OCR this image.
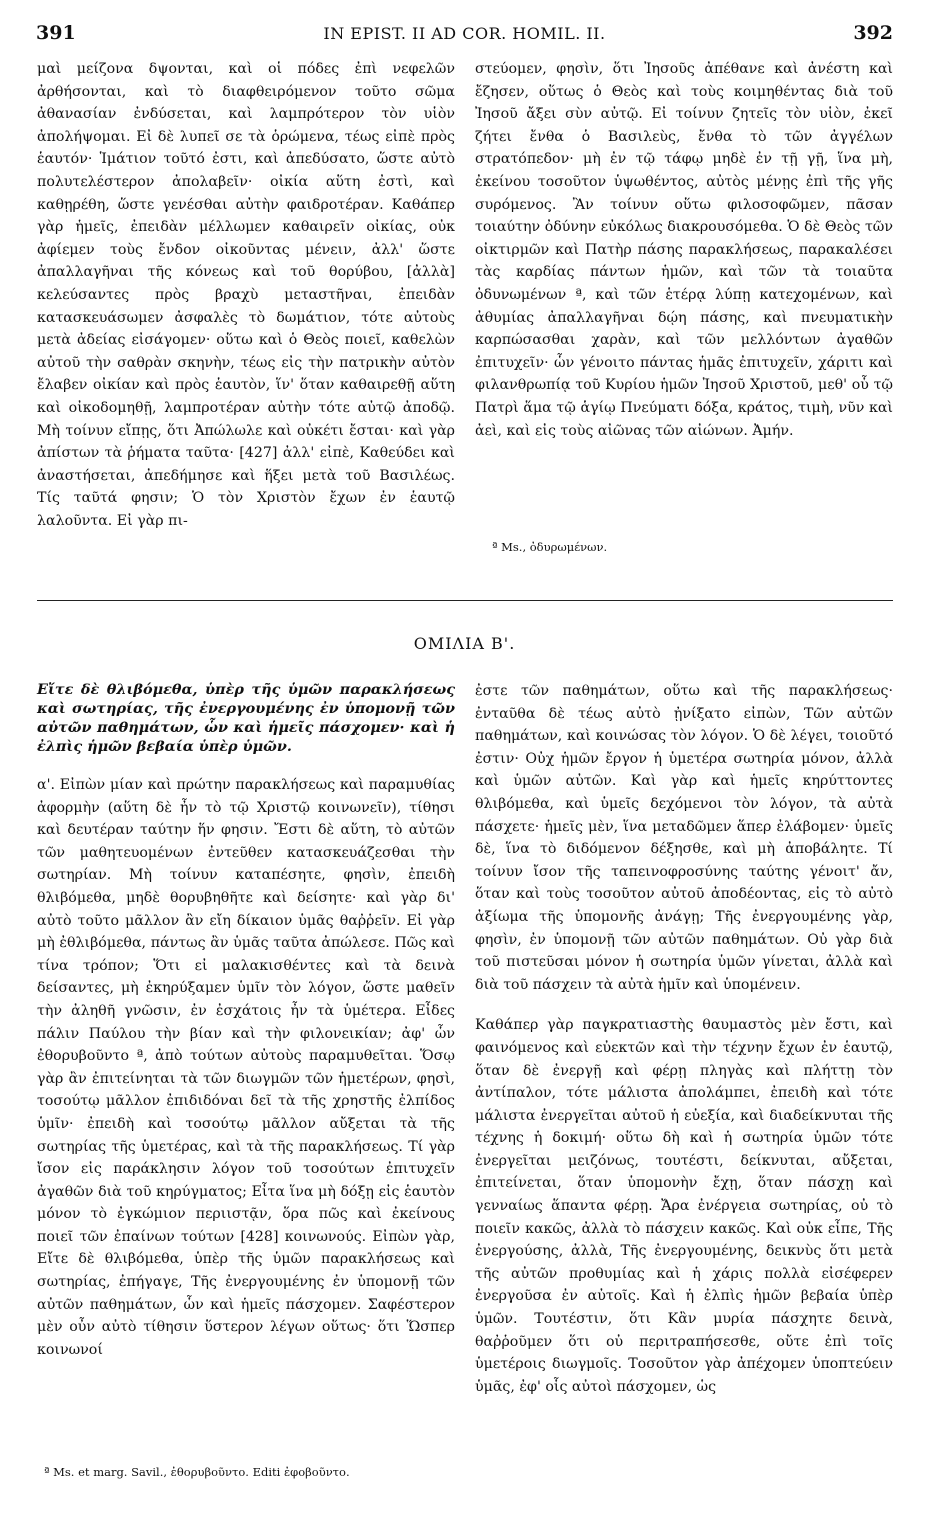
391	IN EPIST. II AD COR. HOMIL. II.	392

μαὶ μείζονα δψονται, καὶ οἱ πόδες ἐπὶ νεφελῶν ἀρθήσονται, καὶ τὸ διαφθειρόμενον τοῦτο σῶμα ἀθανασίαν ἐνδύσεται, καὶ λαμπρότερον τὸν υἱὸν ἀπολήψομαι. Εἰ δὲ λυπεῖ σε τὰ ὁρώμενα, τέως εἰπὲ πρὸς ἑαυτόν· Ἱμάτιον τοῦτό ἐστι, καὶ ἀπεδύσατο, ὥστε αὐτὸ πολυτελέστερον ἀπολαβεῖν· οἰκία αὕτη ἐστὶ, καὶ καθῃρέθη, ὥστε γενέσθαι αὐτὴν φαιδροτέραν. Καθάπερ γὰρ ἡμεῖς, ἐπειδὰν μέλλωμεν καθαιρεῖν οἰκίας, οὐκ ἀφίεμεν τοὺς ἔνδον οἰκοῦντας μένειν, ἀλλ' ὥστε ἀπαλλαγῆναι τῆς κόνεως καὶ τοῦ θορύβου, [ἀλλὰ] κελεύσαντες πρὸς βραχὺ μεταστῆναι, ἐπειδὰν κατασκευάσωμεν ἀσφαλὲς τὸ δωμάτιον, τότε αὐτοὺς μετὰ ἀδείας εἰσάγομεν· οὕτω καὶ ὁ Θεὸς ποιεῖ, καθελὼν αὐτοῦ τὴν σαθρὰν σκηνὴν, τέως εἰς τὴν πατρικὴν αὐτὸν ἔλαβεν οἰκίαν καὶ πρὸς ἑαυτὸν, ἵν' ὅταν καθαιρεθῇ αὕτη καὶ οἰκοδομηθῇ, λαμπροτέραν αὐτὴν τότε αὐτῷ ἀποδῷ. Μὴ τοίνυν εἴπῃς, ὅτι Ἀπώλωλε καὶ οὐκέτι ἔσται· καὶ γὰρ ἀπίστων τὰ ῥήματα ταῦτα· [427] ἀλλ' εἰπὲ, Καθεύδει καὶ ἀναστήσεται, ἀπεδήμησε καὶ ἥξει μετὰ τοῦ Βασιλέως. Τίς ταῦτά φησιν; Ὁ τὸν Χριστὸν ἔχων ἐν ἑαυτῷ λαλοῦντα. Εἰ γὰρ πι-

στεύομεν, φησὶν, ὅτι Ἰησοῦς ἀπέθανε καὶ ἀνέστη καὶ ἔζησεν, οὕτως ὁ Θεὸς καὶ τοὺς κοιμηθέντας διὰ τοῦ Ἰησοῦ ἄξει σὺν αὐτῷ. Εἰ τοίνυν ζητεῖς τὸν υἱὸν, ἐκεῖ ζήτει ἔνθα ὁ Βασιλεὺς, ἔνθα τὸ τῶν ἀγγέλων στρατόπεδον· μὴ ἐν τῷ τάφῳ μηδὲ ἐν τῇ γῇ, ἵνα μὴ, ἐκείνου τοσοῦτον ὑψωθέντος, αὐτὸς μένῃς ἐπὶ τῆς γῆς συρόμενος. Ἂν τοίνυν οὕτω φιλοσοφῶμεν, πᾶσαν τοιαύτην ὀδύνην εὐκόλως διακρουσόμεθα. Ὁ δὲ Θεὸς τῶν οἰκτιρμῶν καὶ Πατὴρ πάσης παρακλήσεως, παρακαλέσει τὰς καρδίας πάντων ἡμῶν, καὶ τῶν τὰ τοιαῦτα ὀδυνωμένων ª, καὶ τῶν ἑτέρᾳ λύπῃ κατεχομένων, καὶ ἀθυμίας ἀπαλλαγῆναι δῴη πάσης, καὶ πνευματικὴν καρπώσασθαι χαρὰν, καὶ τῶν μελλόντων ἀγαθῶν ἐπιτυχεῖν· ὧν γένοιτο πάντας ἡμᾶς ἐπιτυχεῖν, χάριτι καὶ φιλανθρωπίᾳ τοῦ Κυρίου ἡμῶν Ἰησοῦ Χριστοῦ, μεθ' οὗ τῷ Πατρὶ ἅμα τῷ ἁγίῳ Πνεύματι δόξα, κράτος, τιμὴ, νῦν καὶ ἀεὶ, καὶ εἰς τοὺς αἰῶνας τῶν αἰώνων. Ἀμήν.

ª Ms., ὀδυρωμένων.
ΟΜΙΛΙΑ Β'.

Εἴτε δὲ θλιβόμεθα, ὑπὲρ τῆς ὑμῶν παρακλήσεως καὶ σωτηρίας, τῆς ἐνεργουμένης ἐν ὑπομονῇ τῶν αὐτῶν παθημάτων, ὧν καὶ ἡμεῖς πάσχομεν· καὶ ἡ ἐλπὶς ἡμῶν βεβαία ὑπὲρ ὑμῶν.

α'. Εἰπὼν μίαν καὶ πρώτην παρακλήσεως καὶ παραμυθίας ἀφορμὴν (αὕτη δὲ ἦν τὸ τῷ Χριστῷ κοινωνεῖν), τίθησι καὶ δευτέραν ταύτην ἥν φησιν. Ἔστι δὲ αὕτη, τὸ αὐτῶν τῶν μαθητευομένων ἐντεῦθεν κατασκευάζεσθαι τὴν σωτηρίαν. Μὴ τοίνυν καταπέσητε, φησὶν, ἐπειδὴ θλιβόμεθα, μηδὲ θορυβηθῆτε καὶ δείσητε· καὶ γὰρ δι' αὐτὸ τοῦτο μᾶλλον ἂν εἴη δίκαιον ὑμᾶς θαῤῥεῖν. Εἰ γὰρ μὴ ἐθλιβόμεθα, πάντως ἂν ὑμᾶς ταῦτα ἀπώλεσε. Πῶς καὶ τίνα τρόπον; Ὅτι εἰ μαλακισθέντες καὶ τὰ δεινὰ δείσαντες, μὴ ἐκηρύξαμεν ὑμῖν τὸν λόγον, ὥστε μαθεῖν τὴν ἀληθῆ γνῶσιν, ἐν ἐσχάτοις ἦν τὰ ὑμέτερα. Εἶδες πάλιν Παύλου τὴν βίαν καὶ τὴν φιλονεικίαν; ἀφ' ὧν ἐθορυβοῦντο ª, ἀπὸ τούτων αὐτοὺς παραμυθεῖται. Ὅσῳ γὰρ ἂν ἐπιτείνηται τὰ τῶν διωγμῶν τῶν ἡμετέρων, φησὶ, τοσούτῳ μᾶλλον ἐπιδιδόναι δεῖ τὰ τῆς χρηστῆς ἐλπίδος ὑμῖν· ἐπειδὴ καὶ τοσούτῳ μᾶλλον αὔξεται τὰ τῆς σωτηρίας τῆς ὑμετέρας, καὶ τὰ τῆς παρακλήσεως. Τί γὰρ ἴσον εἰς παράκλησιν λόγον τοῦ τοσούτων ἐπιτυχεῖν ἀγαθῶν διὰ τοῦ κηρύγματος; Εἶτα ἵνα μὴ δόξῃ εἰς ἑαυτὸν μόνον τὸ ἐγκώμιον περιιστᾷν, ὅρα πῶς καὶ ἐκείνους ποιεῖ τῶν ἐπαίνων τούτων [428] κοινωνούς. Εἰπὼν γὰρ, Εἴτε δὲ θλιβόμεθα, ὑπὲρ τῆς ὑμῶν παρακλήσεως καὶ σωτηρίας, ἐπήγαγε, Τῆς ἐνεργουμένης ἐν ὑπομονῇ τῶν αὐτῶν παθημάτων, ὧν καὶ ἡμεῖς πάσχομεν. Σαφέστερον μὲν οὖν αὐτὸ τίθησιν ὕστερον λέγων οὕτως· ὅτι Ὥσπερ κοινωνοί

ª Ms. et marg. Savil., ἐθορυβοῦντο. Editi ἐφοβοῦντο.

ἐστε τῶν παθημάτων, οὕτω καὶ τῆς παρακλήσεως· ἐνταῦθα δὲ τέως αὐτὸ ᾐνίξατο εἰπὼν, Τῶν αὐτῶν παθημάτων, καὶ κοινώσας τὸν λόγον. Ὁ δὲ λέγει, τοιοῦτό ἐστιν· Οὐχ ἡμῶν ἔργον ἡ ὑμετέρα σωτηρία μόνον, ἀλλὰ καὶ ὑμῶν αὐτῶν. Καὶ γὰρ καὶ ἡμεῖς κηρύττοντες θλιβόμεθα, καὶ ὑμεῖς δεχόμενοι τὸν λόγον, τὰ αὐτὰ πάσχετε· ἡμεῖς μὲν, ἵνα μεταδῶμεν ἅπερ ἐλάβομεν· ὑμεῖς δὲ, ἵνα τὸ διδόμενον δέξησθε, καὶ μὴ ἀποβάλητε. Τί τοίνυν ἴσον τῆς ταπεινοφροσύνης ταύτης γένοιτ' ἄν, ὅταν καὶ τοὺς τοσοῦτον αὐτοῦ ἀποδέοντας, εἰς τὸ αὐτὸ ἀξίωμα τῆς ὑπομονῆς ἀνάγῃ; Τῆς ἐνεργουμένης γὰρ, φησὶν, ἐν ὑπομονῇ τῶν αὐτῶν παθημάτων. Οὐ γὰρ διὰ τοῦ πιστεῦσαι μόνον ἡ σωτηρία ὑμῶν γίνεται, ἀλλὰ καὶ διὰ τοῦ πάσχειν τὰ αὐτὰ ἡμῖν καὶ ὑπομένειν.

Καθάπερ γὰρ παγκρατιαστὴς θαυμαστὸς μὲν ἔστι, καὶ φαινόμενος καὶ εὐεκτῶν καὶ τὴν τέχνην ἔχων ἐν ἑαυτῷ, ὅταν δὲ ἐνεργῇ καὶ φέρῃ πληγὰς καὶ πλήττῃ τὸν ἀντίπαλον, τότε μάλιστα ἀπολάμπει, ἐπειδὴ καὶ τότε μάλιστα ἐνεργεῖται αὐτοῦ ἡ εὐεξία, καὶ διαδείκνυται τῆς τέχνης ἡ δοκιμή· οὕτω δὴ καὶ ἡ σωτηρία ὑμῶν τότε ἐνεργεῖται μειζόνως, τουτέστι, δείκνυται, αὔξεται, ἐπιτείνεται, ὅταν ὑπομονὴν ἔχῃ, ὅταν πάσχῃ καὶ γενναίως ἅπαντα φέρῃ. Ἄρα ἐνέργεια σωτηρίας, οὐ τὸ ποιεῖν κακῶς, ἀλλὰ τὸ πάσχειν κακῶς. Καὶ οὐκ εἶπε, Τῆς ἐνεργούσης, ἀλλὰ, Τῆς ἐνεργουμένης, δεικνὺς ὅτι μετὰ τῆς αὐτῶν προθυμίας καὶ ἡ χάρις πολλὰ εἰσέφερεν ἐνεργοῦσα ἐν αὐτοῖς. Καὶ ἡ ἐλπὶς ἡμῶν βεβαία ὑπὲρ ὑμῶν. Τουτέστιν, ὅτι Κἂν μυρία πάσχητε δεινὰ, θαῤῥοῦμεν ὅτι οὐ περιτραπήσεσθε, οὔτε ἐπὶ τοῖς ὑμετέροις διωγμοῖς. Τοσοῦτον γὰρ ἀπέχομεν ὑποπτεύειν ὑμᾶς, ἐφ' οἷς αὐτοὶ πάσχομεν, ὡς
